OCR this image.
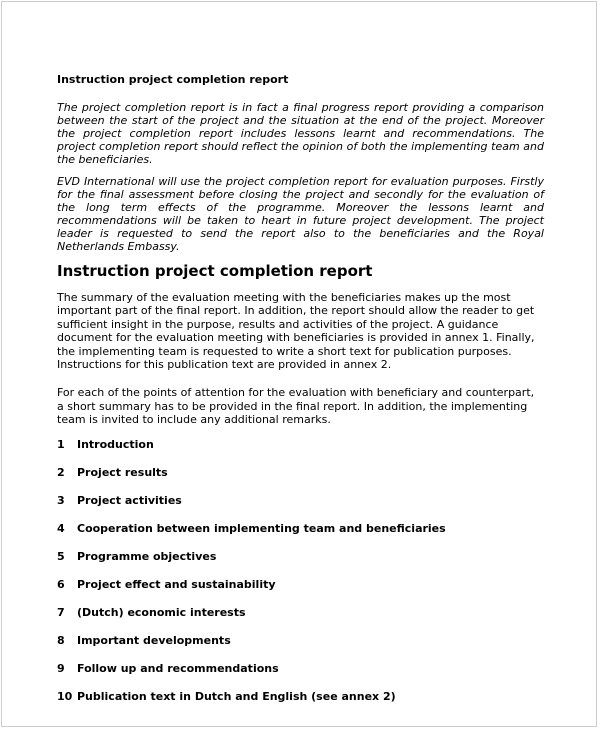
Instruction project completion report

The project completion report is in fact a final progress report providing a comparison between the start of the project and the situation at the end of the project. Moreover the project completion report includes lessons learnt and recommendations. The project completion report should reflect the opinion of both the implementing team and the beneficiaries.

EVD International will use the project completion report for evaluation purposes. Firstly for the final assessment before closing the project and secondly for the evaluation of the long term effects of the programme. Moreover the lessons learnt and recommendations will be taken to heart in future project development. The project leader is requested to send the report also to the beneficiaries and the Royal Netherlands Embassy.

Instruction project completion report

The summary of the evaluation meeting with the beneficiaries makes up the most important part of the final report. In addition, the report should allow the reader to get sufficient insight in the purpose, results and activities of the project. A guidance document for the evaluation meeting with beneficiaries is provided in annex 1. Finally, the implementing team is requested to write a short text for publication purposes. Instructions for this publication text are provided in annex 2.

For each of the points of attention for the evaluation with beneficiary and counterpart, a short summary has to be provided in the final report. In addition, the implementing team is invited to include any additional remarks.

1	Introduction
2	Project results
3	Project activities
4	Cooperation between implementing team and beneficiaries
5	Programme objectives
6	Project effect and sustainability
7	(Dutch) economic interests
8	Important developments
9	Follow up and recommendations
10 Publication text in Dutch and English (see annex 2)
